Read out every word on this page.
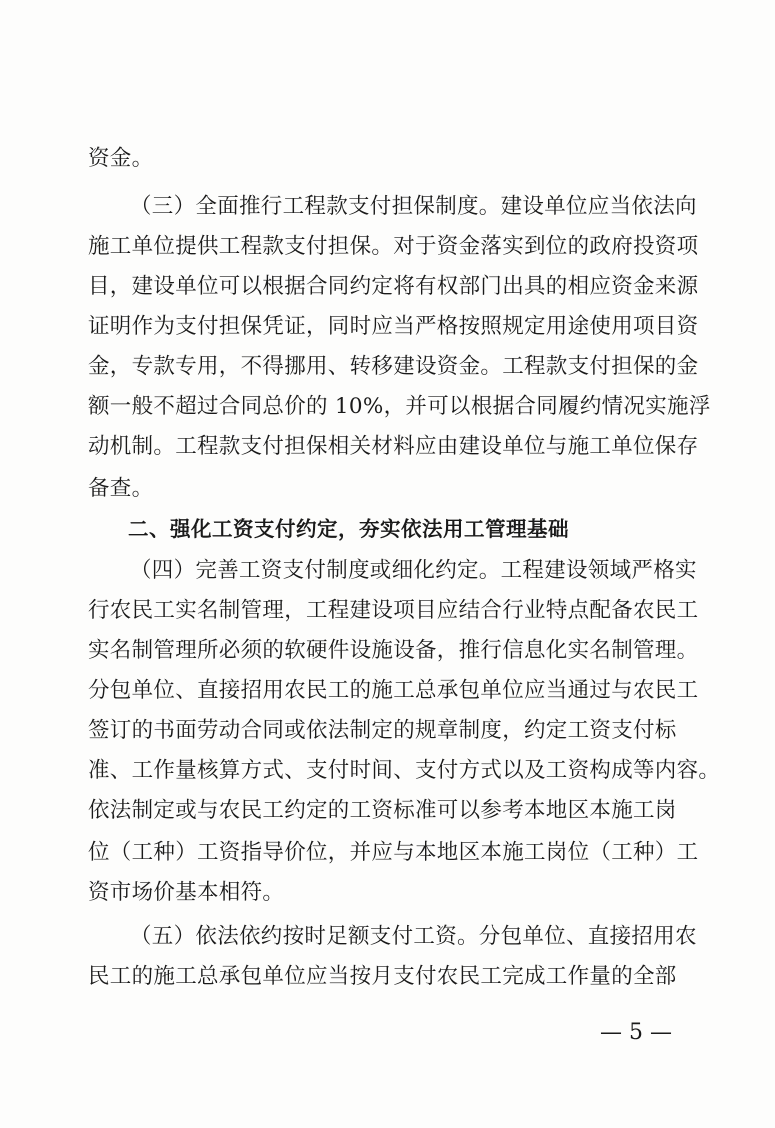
资金。
（三）全面推行工程款支付担保制度。建设单位应当依法向
施工单位提供工程款支付担保。对于资金落实到位的政府投资项
目，建设单位可以根据合同约定将有权部门出具的相应资金来源
证明作为支付担保凭证，同时应当严格按照规定用途使用项目资
金，专款专用，不得挪用、转移建设资金。工程款支付担保的金
额一般不超过合同总价的 10%，并可以根据合同履约情况实施浮
动机制。工程款支付担保相关材料应由建设单位与施工单位保存
备查。
二、强化工资支付约定，夯实依法用工管理基础
（四）完善工资支付制度或细化约定。工程建设领域严格实
行农民工实名制管理，工程建设项目应结合行业特点配备农民工
实名制管理所必须的软硬件设施设备，推行信息化实名制管理。
分包单位、直接招用农民工的施工总承包单位应当通过与农民工
签订的书面劳动合同或依法制定的规章制度，约定工资支付标
准、工作量核算方式、支付时间、支付方式以及工资构成等内容。
依法制定或与农民工约定的工资标准可以参考本地区本施工岗
位（工种）工资指导价位，并应与本地区本施工岗位（工种）工
资市场价基本相符。
（五）依法依约按时足额支付工资。分包单位、直接招用农
民工的施工总承包单位应当按月支付农民工完成工作量的全部
— 5 —
